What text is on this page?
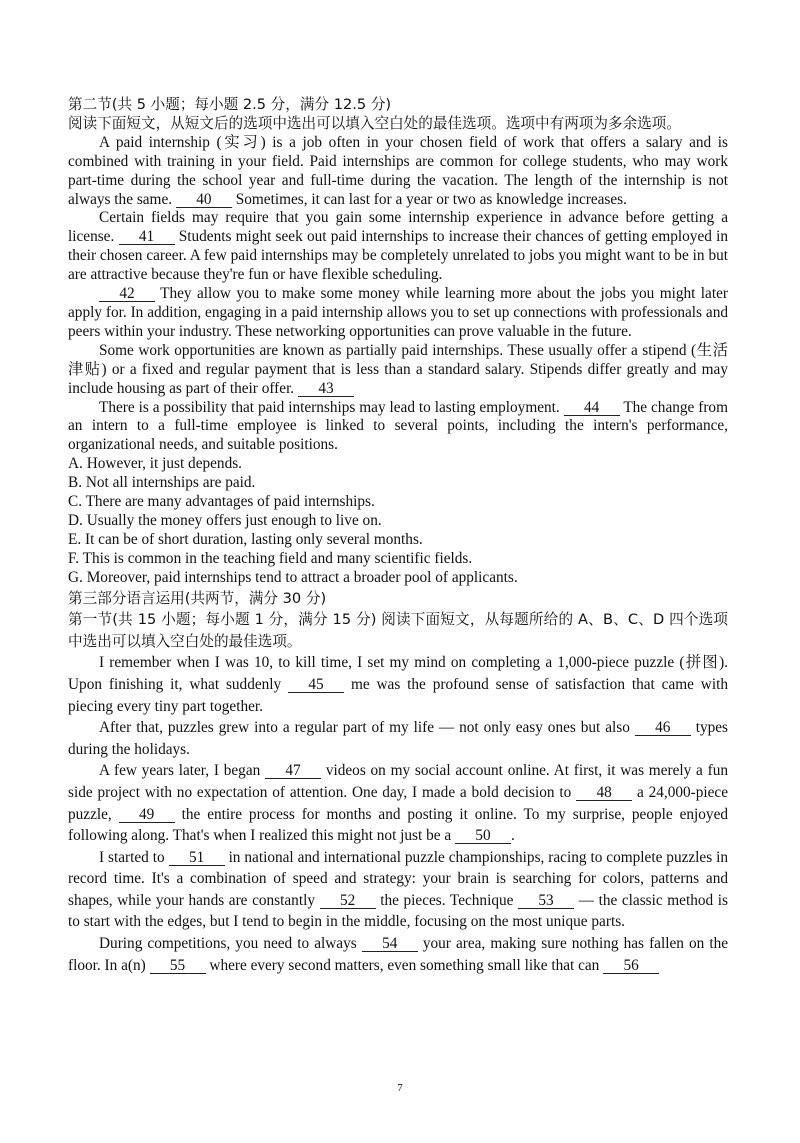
第二节(共 5 小题；每小题 2.5 分，满分 12.5 分)
阅读下面短文，从短文后的选项中选出可以填入空白处的最佳选项。选项中有两项为多余选项。

A paid internship (实习) is a job often in your chosen field of work that offers a salary and is combined with training in your field. Paid internships are common for college students, who may work part-time during the school year and full-time during the vacation. The length of the internship is not always the same. 40 Sometimes, it can last for a year or two as knowledge increases.

Certain fields may require that you gain some internship experience in advance before getting a license. 41 Students might seek out paid internships to increase their chances of getting employed in their chosen career. A few paid internships may be completely unrelated to jobs you might want to be in but are attractive because they're fun or have flexible scheduling.

42 They allow you to make some money while learning more about the jobs you might later apply for. In addition, engaging in a paid internship allows you to set up connections with professionals and peers within your industry. These networking opportunities can prove valuable in the future.

Some work opportunities are known as partially paid internships. These usually offer a stipend (生活津贴) or a fixed and regular payment that is less than a standard salary. Stipends differ greatly and may include housing as part of their offer. 43

There is a possibility that paid internships may lead to lasting employment. 44 The change from an intern to a full-time employee is linked to several points, including the intern's performance, organizational needs, and suitable positions.

A. However, it just depends.

B. Not all internships are paid.

C. There are many advantages of paid internships.

D. Usually the money offers just enough to live on.

E. It can be of short duration, lasting only several months.

F. This is common in the teaching field and many scientific fields.

G. Moreover, paid internships tend to attract a broader pool of applicants.

第三部分语言运用(共两节，满分 30 分)
第一节(共 15 小题；每小题 1 分，满分 15 分) 阅读下面短文，从每题所给的 A、B、C、D 四个选项中选出可以填入空白处的最佳选项。

I remember when I was 10, to kill time, I set my mind on completing a 1,000-piece puzzle (拼图). Upon finishing it, what suddenly 45 me was the profound sense of satisfaction that came with piecing every tiny part together.

After that, puzzles grew into a regular part of my life — not only easy ones but also 46 types during the holidays.

A few years later, I began 47 videos on my social account online. At first, it was merely a fun side project with no expectation of attention. One day, I made a bold decision to 48 a 24,000-piece puzzle, 49 the entire process for months and posting it online. To my surprise, people enjoyed following along. That's when I realized this might not just be a 50 .

I started to 51 in national and international puzzle championships, racing to complete puzzles in record time. It's a combination of speed and strategy: your brain is searching for colors, patterns and shapes, while your hands are constantly 52 the pieces. Technique 53 — the classic method is to start with the edges, but I tend to begin in the middle, focusing on the most unique parts.

During competitions, you need to always 54 your area, making sure nothing has fallen on the floor. In a(n) 55 where every second matters, even something small like that can 56

7
